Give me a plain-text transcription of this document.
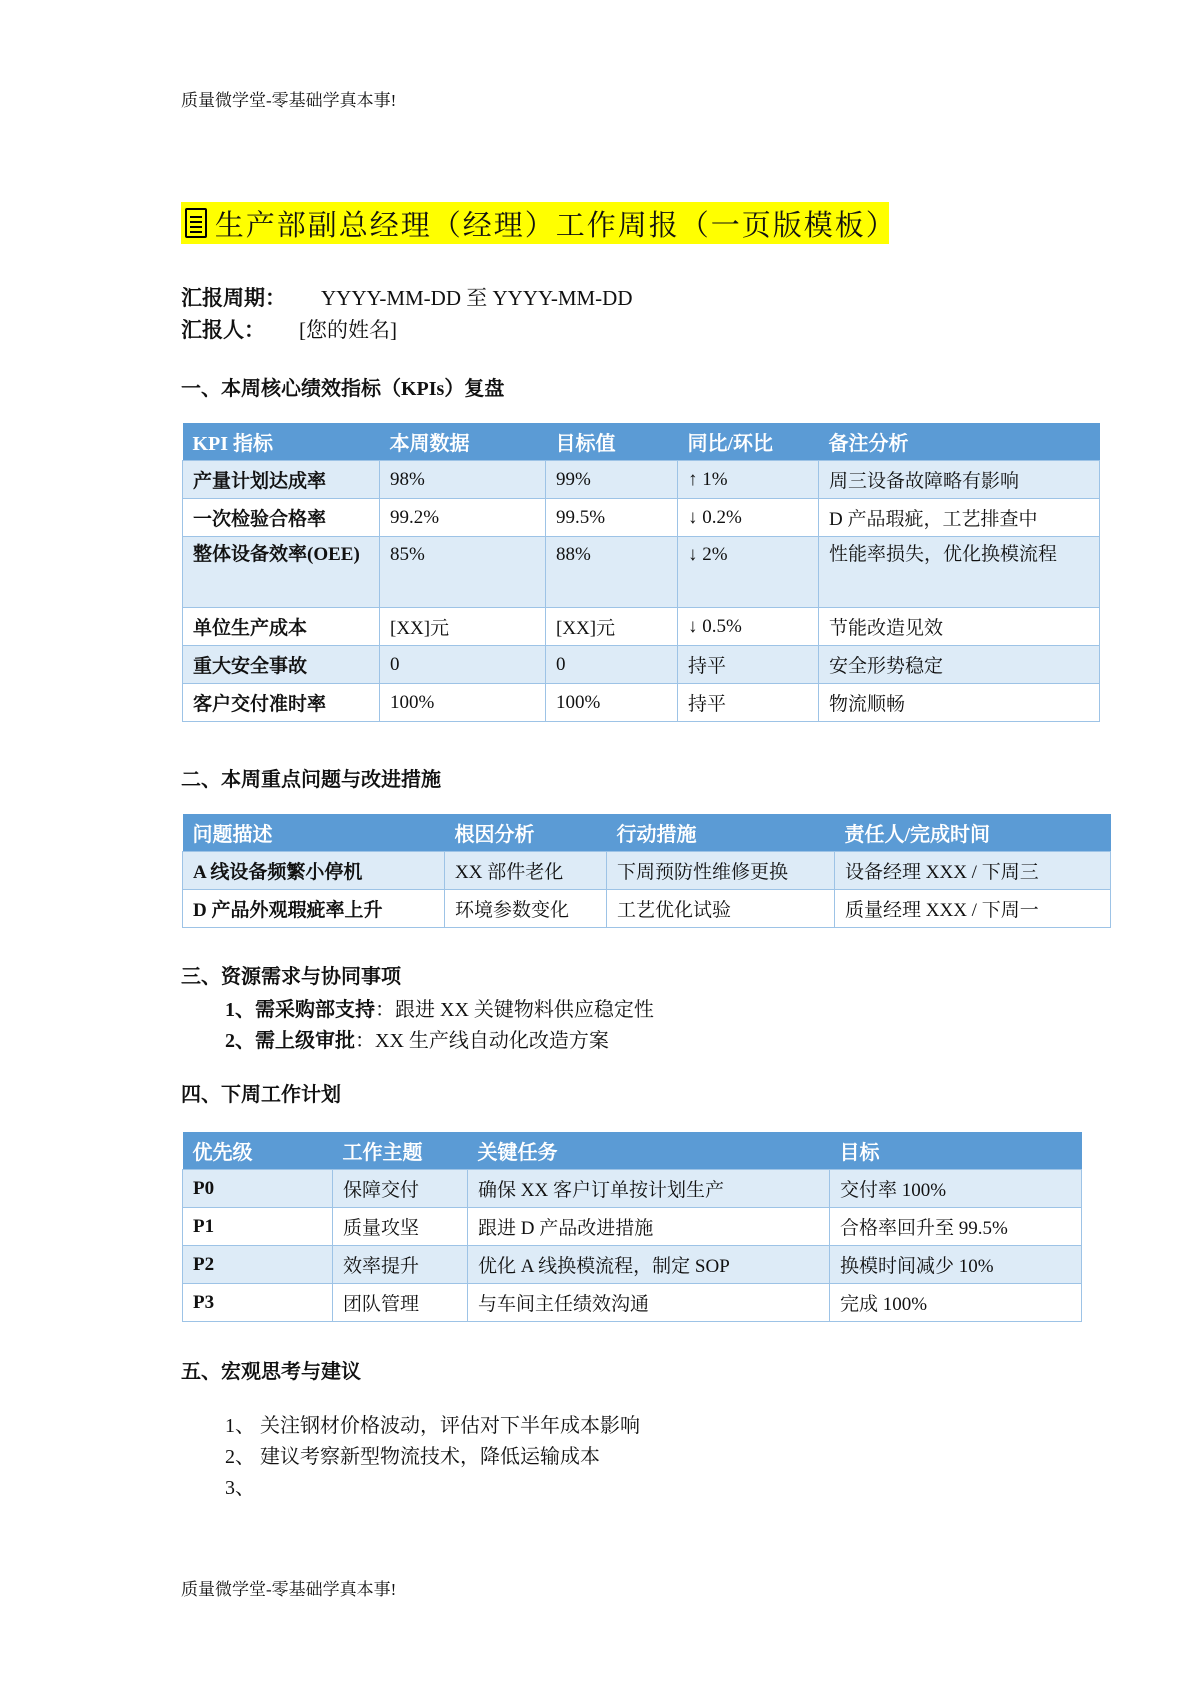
质量微学堂-零基础学真本事!
生产部副总经理（经理）工作周报（一页版模板）
汇报周期： YYYY-MM-DD 至 YYYY-MM-DD
汇报人： [您的姓名]
一、本周核心绩效指标（KPIs）复盘
KPI 指标	本周数据	目标值	同比/环比	备注分析
产量计划达成率	98%	99%	↑ 1%	周三设备故障略有影响
一次检验合格率	99.2%	99.5%	↓ 0.2%	D 产品瑕疵，工艺排查中
整体设备效率(OEE)	85%	88%	↓ 2%	性能率损失，优化换模流程
单位生产成本	[XX]元	[XX]元	↓ 0.5%	节能改造见效
重大安全事故	0	0	持平	安全形势稳定
客户交付准时率	100%	100%	持平	物流顺畅
二、本周重点问题与改进措施
问题描述	根因分析	行动措施	责任人/完成时间
A 线设备频繁小停机	XX 部件老化	下周预防性维修更换	设备经理 XXX / 下周三
D 产品外观瑕疵率上升	环境参数变化	工艺优化试验	质量经理 XXX / 下周一
三、资源需求与协同事项
1、需采购部支持：跟进 XX 关键物料供应稳定性
2、需上级审批：XX 生产线自动化改造方案
四、下周工作计划
优先级	工作主题	关键任务	目标
P0	保障交付	确保 XX 客户订单按计划生产	交付率 100%
P1	质量攻坚	跟进 D 产品改进措施	合格率回升至 99.5%
P2	效率提升	优化 A 线换模流程，制定 SOP	换模时间减少 10%
P3	团队管理	与车间主任绩效沟通	完成 100%
五、宏观思考与建议
1、 关注钢材价格波动，评估对下半年成本影响
2、 建议考察新型物流技术，降低运输成本
3、
质量微学堂-零基础学真本事!
